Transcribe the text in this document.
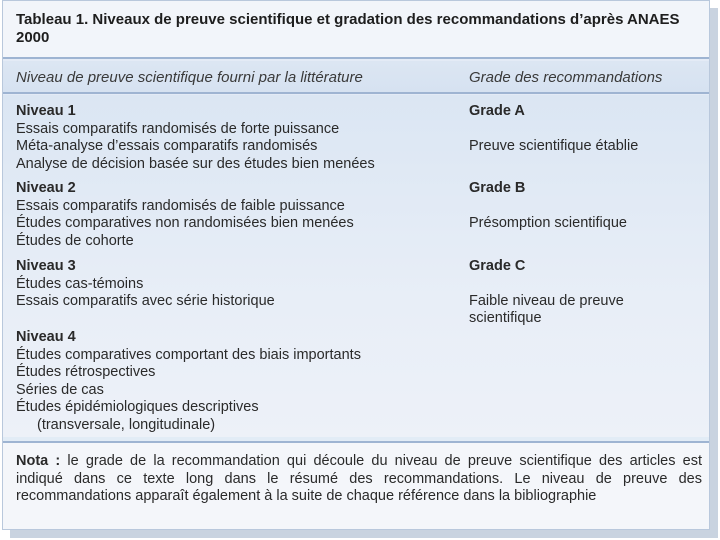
Tableau 1. Niveaux de preuve scientifique et gradation des recommandations d’après ANAES 2000
Niveau de preuve scientifique fourni par la littérature	Grade des recommandations
Niveau 1
Essais comparatifs randomisés de forte puissance
Méta-analyse d’essais comparatifs randomisés
Analyse de décision basée sur des études bien menées
Grade A
Preuve scientifique établie
Niveau 2
Essais comparatifs randomisés de faible puissance
Études comparatives non randomisées bien menées
Études de cohorte
Grade B
Présomption scientifique
Niveau 3
Études cas-témoins
Essais comparatifs avec série historique
Grade C
Faible niveau de preuve scientifique
Niveau 4
Études comparatives comportant des biais importants
Études rétrospectives
Séries de cas
Études épidémiologiques descriptives
(transversale, longitudinale)
Nota : le grade de la recommandation qui découle du niveau de preuve scientifique des articles est indiqué dans ce texte long dans le résumé des recommandations. Le niveau de preuve des recommandations apparaît également à la suite de chaque référence dans la bibliographie
